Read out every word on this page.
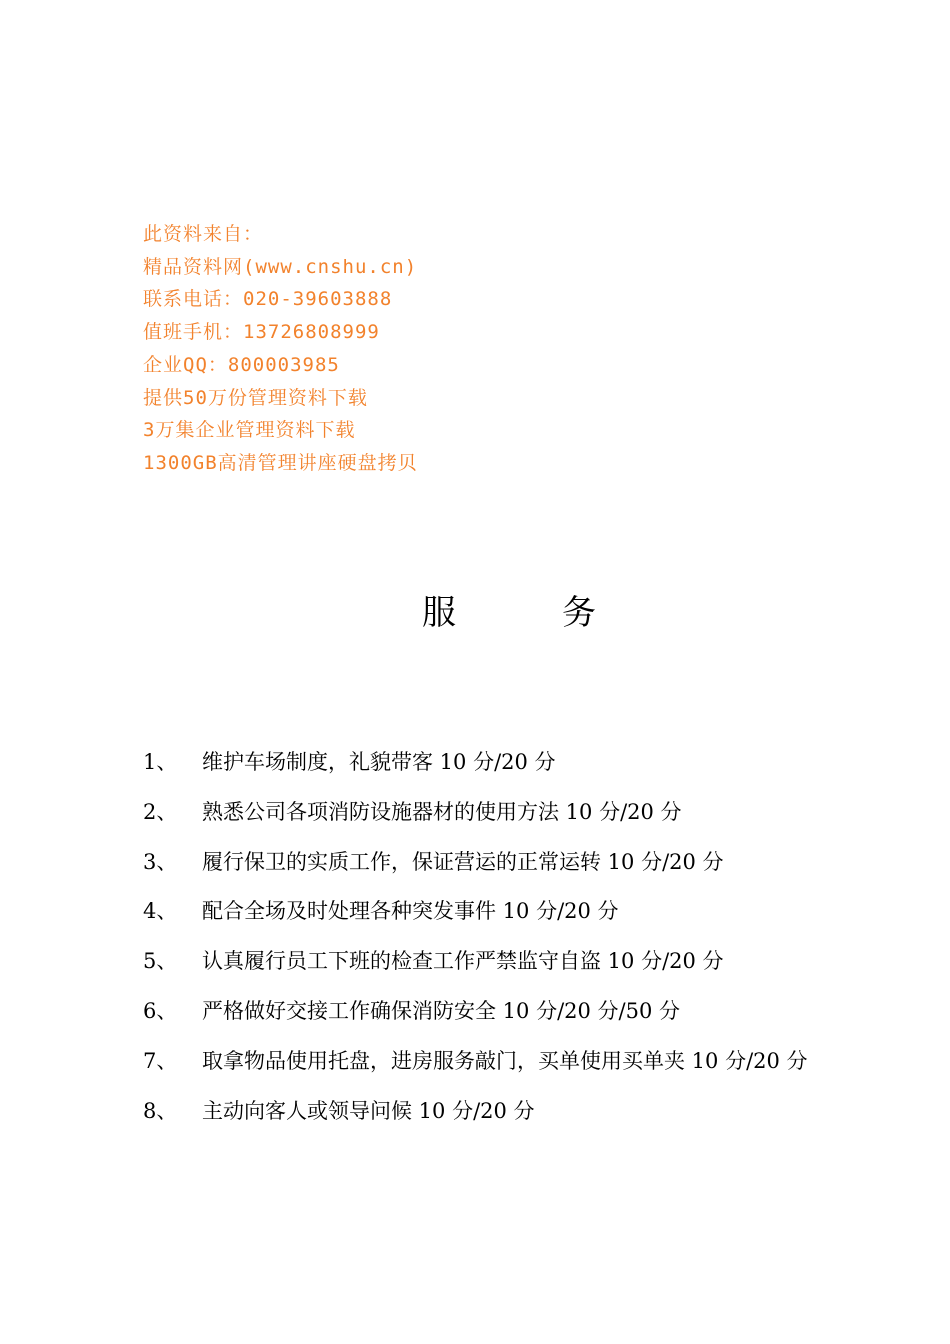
此资料来自：
精品资料网(www.cnshu.cn)
联系电话：020-39603888
值班手机：13726808999
企业QQ：800003985
提供50万份管理资料下载
3万集企业管理资料下载
1300GB高清管理讲座硬盘拷贝
服	务
1、	维护车场制度，礼貌带客 10 分/20 分
2、	熟悉公司各项消防设施器材的使用方法 10 分/20 分
3、	履行保卫的实质工作，保证营运的正常运转 10 分/20 分
4、	配合全场及时处理各种突发事件 10 分/20 分
5、	认真履行员工下班的检查工作严禁监守自盗 10 分/20 分
6、	严格做好交接工作确保消防安全 10 分/20 分/50 分
7、	取拿物品使用托盘，进房服务敲门，买单使用买单夹 10 分/20 分
8、	主动向客人或领导问候 10 分/20 分
